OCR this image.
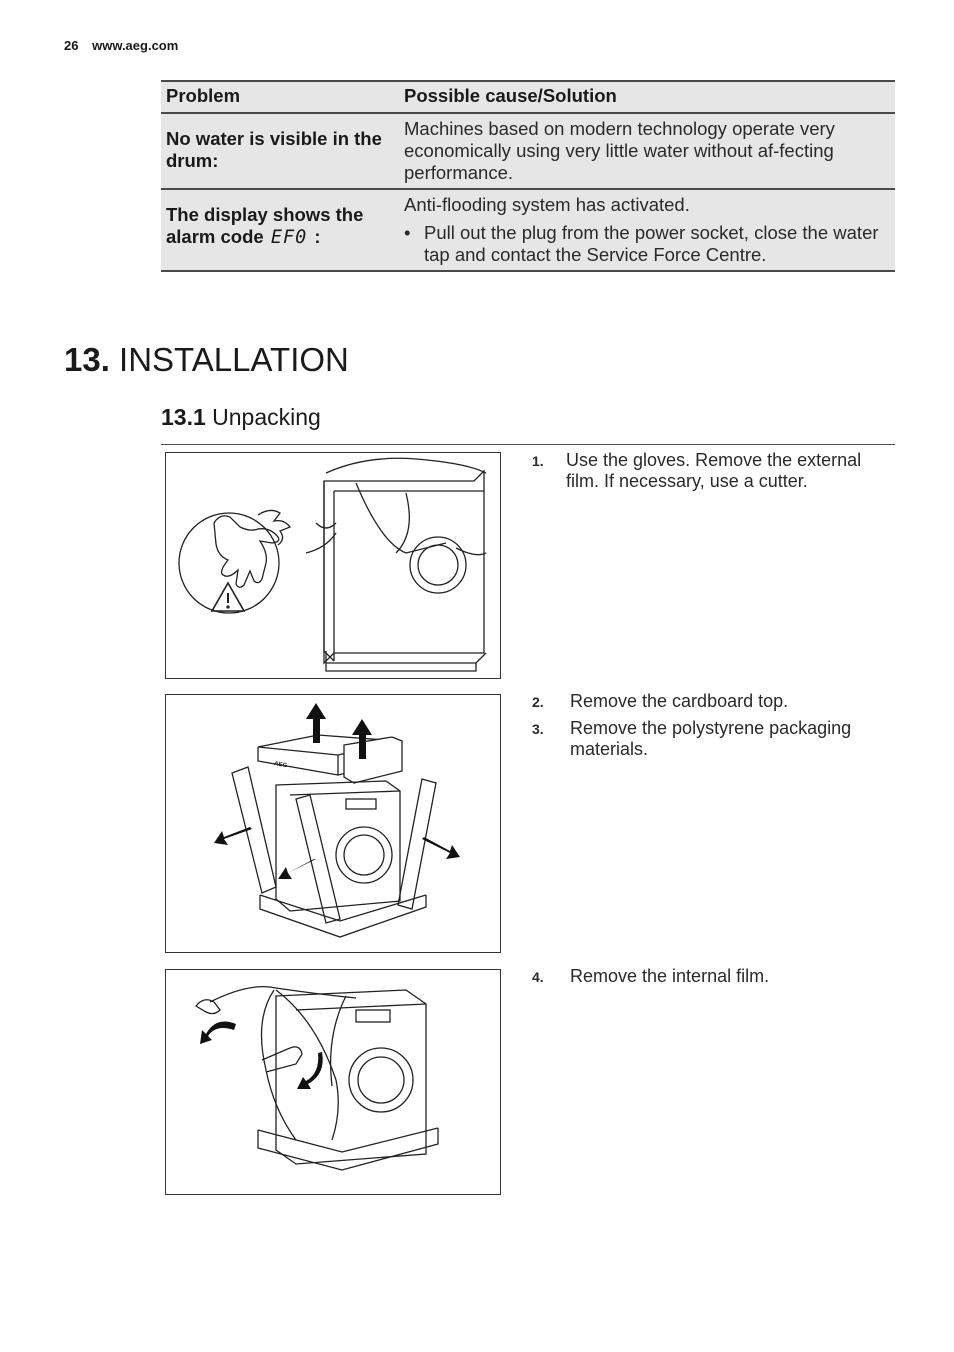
26 www.aeg.com
Problem	Possible cause/Solution
No water is visible in the drum:	Machines based on modern technology operate very economically using very little water without af-fecting performance.
The display shows the alarm code EF0 :	Anti-flooding system has activated.
• Pull out the plug from the power socket, close the water tap and contact the Service Force Centre.
13. INSTALLATION
13.1 Unpacking
AEG
1.	Use the gloves. Remove the external film. If necessary, use a cutter.
2.	Remove the cardboard top.
3.	Remove the polystyrene packaging materials.
4.	Remove the internal film.
